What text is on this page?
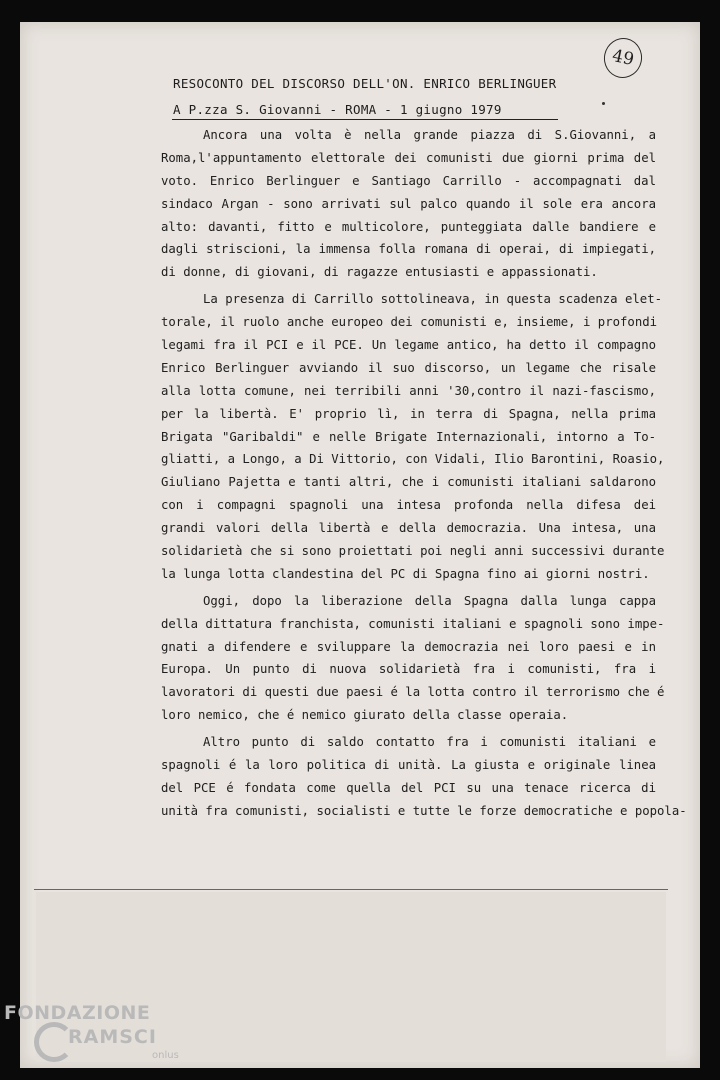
49
RESOCONTO DEL DISCORSO DELL'ON. ENRICO BERLINGUER
A P.zza S. Giovanni - ROMA - 1 giugno 1979
Ancora una volta è nella grande piazza di S.Giovanni, a
Roma,l'appuntamento elettorale dei comunisti due giorni prima del
voto. Enrico Berlinguer e Santiago Carrillo - accompagnati dal
sindaco Argan - sono arrivati sul palco quando il sole era ancora
alto: davanti, fitto e multicolore, punteggiata dalle bandiere e
dagli striscioni, la immensa folla romana di operai, di impiegati,
di donne, di giovani, di ragazze entusiasti e appassionati.
La presenza di Carrillo sottolineava, in questa scadenza elet-
torale, il ruolo anche europeo dei comunisti e, insieme, i profondi
legami fra il PCI e il PCE. Un legame antico, ha detto il compagno
Enrico Berlinguer avviando il suo discorso, un legame che risale
alla lotta comune, nei terribili anni '30,contro il nazi-fascismo,
per la libertà. E' proprio lì, in terra di Spagna, nella prima
Brigata "Garibaldi" e nelle Brigate Internazionali, intorno a To-
gliatti, a Longo, a Di Vittorio, con Vidali, Ilio Barontini, Roasio,
Giuliano Pajetta e tanti altri, che i comunisti italiani saldarono
con i compagni spagnoli una intesa profonda nella difesa dei
grandi valori della libertà e della democrazia. Una intesa, una
solidarietà che si sono proiettati poi negli anni successivi durante
la lunga lotta clandestina del PC di Spagna fino ai giorni nostri.
Oggi, dopo la liberazione della Spagna dalla lunga cappa
della dittatura franchista, comunisti italiani e spagnoli sono impe-
gnati a difendere e sviluppare la democrazia nei loro paesi e in
Europa. Un punto di nuova solidarietà fra i comunisti, fra i
lavoratori di questi due paesi é la lotta contro il terrorismo che é
loro nemico, che é nemico giurato della classe operaia.
Altro punto di saldo contatto fra i comunisti italiani e
spagnoli é la loro politica di unità. La giusta e originale linea
del PCE é fondata come quella del PCI su una tenace ricerca di
unità fra comunisti, socialisti e tutte le forze democratiche e popola-
FONDAZIONE
RAMSCI
onlus
